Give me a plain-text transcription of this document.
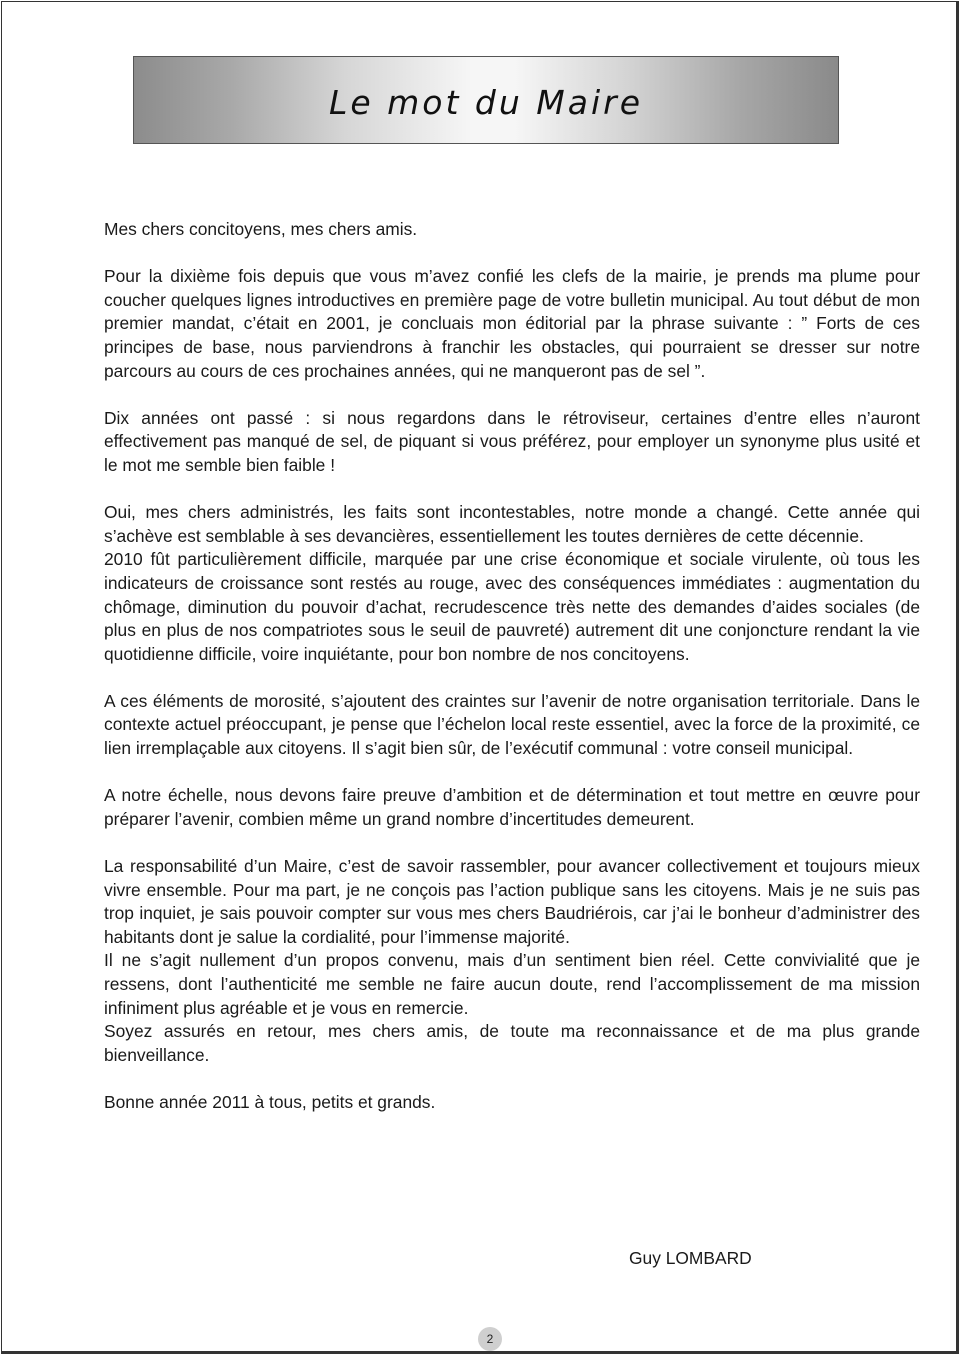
Le mot du Maire

Mes chers concitoyens, mes chers amis.

Pour la dixième fois depuis que vous m’avez confié les clefs de la mairie, je prends ma plume pour coucher quelques lignes introductives en première page de votre bulletin municipal. Au tout début de mon premier mandat, c’était en 2001, je concluais mon éditorial par la phrase suivante : ” Forts de ces principes de base, nous parviendrons à franchir les obstacles, qui pourraient se dresser sur notre parcours au cours de ces prochaines années, qui ne manqueront pas de sel ”.

Dix années ont passé : si nous regardons dans le rétroviseur, certaines d’entre elles n’auront effectivement pas manqué de sel, de piquant si vous préférez, pour employer un synonyme plus usité et le mot me semble bien faible !

Oui, mes chers administrés, les faits sont incontestables, notre monde a changé. Cette année qui s’achève est semblable à ses devancières, essentiellement les toutes dernières de cette décennie.

2010 fût particulièrement difficile, marquée par une crise économique et sociale virulente, où tous les indicateurs de croissance sont restés au rouge, avec des conséquences immédiates : augmentation du chômage, diminution du pouvoir d’achat, recrudescence très nette des demandes d’aides sociales (de plus en plus de nos compatriotes sous le seuil de pauvreté) autrement dit une conjoncture rendant la vie quotidienne difficile, voire inquiétante, pour bon nombre de nos concitoyens.

A ces éléments de morosité, s’ajoutent des craintes sur l’avenir de notre organisation territoriale. Dans le contexte actuel préoccupant, je pense que l’échelon local reste essentiel, avec la force de la proximité, ce lien irremplaçable aux citoyens. Il s’agit bien sûr, de l’exécutif communal : votre conseil municipal.

A notre échelle, nous devons faire preuve d’ambition et de détermination et tout mettre en œuvre pour préparer l’avenir, combien même un grand nombre d’incertitudes demeurent.

La responsabilité d’un Maire, c’est de savoir rassembler, pour avancer collectivement et toujours mieux vivre ensemble. Pour ma part, je ne conçois pas l’action publique sans les citoyens. Mais je ne suis pas trop inquiet, je sais pouvoir compter sur vous mes chers Baudriérois, car j’ai le bonheur d’administrer des habitants dont je salue la cordialité, pour l’immense majorité.

Il ne s’agit nullement d’un propos convenu, mais d’un sentiment bien réel. Cette convivialité que je ressens, dont l’authenticité me semble ne faire aucun doute, rend l’accomplissement de ma mission infiniment plus agréable et je vous en remercie.

Soyez assurés en retour, mes chers amis, de toute ma reconnaissance et de ma plus grande bienveillance.

Bonne année 2011 à tous, petits et grands.

Guy LOMBARD
2
